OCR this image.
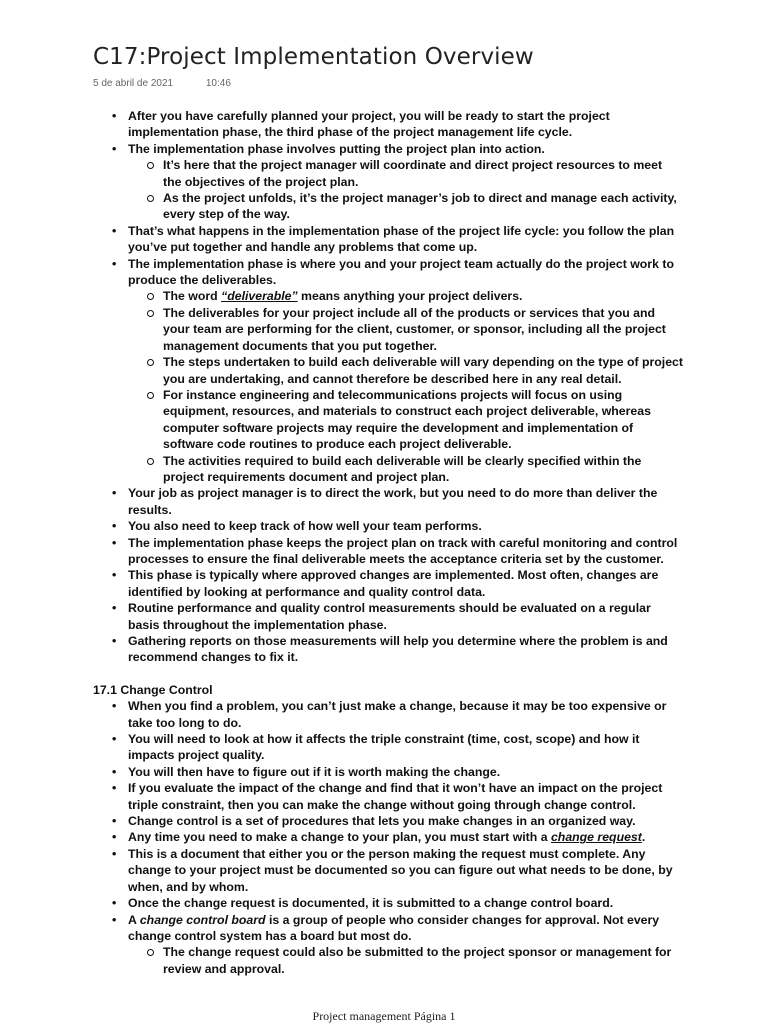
C17:Project Implementation Overview
5 de abril de 2021	10:46
• After you have carefully planned your project, you will be ready to start the project implementation phase, the third phase of the project management life cycle.
• The implementation phase involves putting the project plan into action.
It’s here that the project manager will coordinate and direct project resources to meet the objectives of the project plan.
As the project unfolds, it’s the project manager’s job to direct and manage each activity, every step of the way.
• That’s what happens in the implementation phase of the project life cycle: you follow the plan you’ve put together and handle any problems that come up.
• The implementation phase is where you and your project team actually do the project work to produce the deliverables.
The word “deliverable” means anything your project delivers.
The deliverables for your project include all of the products or services that you and your team are performing for the client, customer, or sponsor, including all the project management documents that you put together.
The steps undertaken to build each deliverable will vary depending on the type of project you are undertaking, and cannot therefore be described here in any real detail.
For instance engineering and telecommunications projects will focus on using equipment, resources, and materials to construct each project deliverable, whereas computer software projects may require the development and implementation of software code routines to produce each project deliverable.
The activities required to build each deliverable will be clearly specified within the project requirements document and project plan.
• Your job as project manager is to direct the work, but you need to do more than deliver the results.
• You also need to keep track of how well your team performs.
• The implementation phase keeps the project plan on track with careful monitoring and control processes to ensure the final deliverable meets the acceptance criteria set by the customer.
• This phase is typically where approved changes are implemented. Most often, changes are identified by looking at performance and quality control data.
• Routine performance and quality control measurements should be evaluated on a regular basis throughout the implementation phase.
• Gathering reports on those measurements will help you determine where the problem is and recommend changes to fix it.
17.1 Change Control
• When you find a problem, you can’t just make a change, because it may be too expensive or take too long to do.
• You will need to look at how it affects the triple constraint (time, cost, scope) and how it impacts project quality.
• You will then have to figure out if it is worth making the change.
• If you evaluate the impact of the change and find that it won’t have an impact on the project triple constraint, then you can make the change without going through change control.
• Change control is a set of procedures that lets you make changes in an organized way.
• Any time you need to make a change to your plan, you must start with a change request.
• This is a document that either you or the person making the request must complete. Any change to your project must be documented so you can figure out what needs to be done, by when, and by whom.
• Once the change request is documented, it is submitted to a change control board.
• A change control board is a group of people who consider changes for approval. Not every change control system has a board but most do.
The change request could also be submitted to the project sponsor or management for review and approval.
Project management Página 1
